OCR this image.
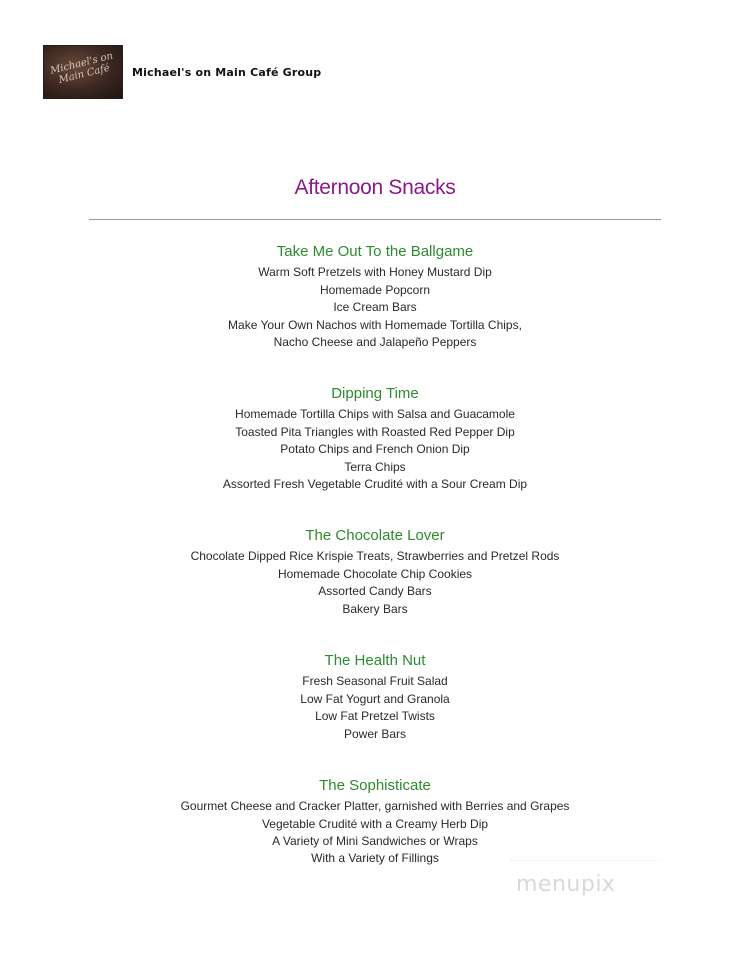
Michael's on Main Café	Michael's on Main Café Group
Afternoon Snacks
Take Me Out To the Ballgame
Warm Soft Pretzels with Honey Mustard Dip
Homemade Popcorn
Ice Cream Bars
Make Your Own Nachos with Homemade Tortilla Chips,
Nacho Cheese and Jalapeño Peppers
Dipping Time
Homemade Tortilla Chips with Salsa and Guacamole
Toasted Pita Triangles with Roasted Red Pepper Dip
Potato Chips and French Onion Dip
Terra Chips
Assorted Fresh Vegetable Crudité with a Sour Cream Dip
The Chocolate Lover
Chocolate Dipped Rice Krispie Treats, Strawberries and Pretzel Rods
Homemade Chocolate Chip Cookies
Assorted Candy Bars
Bakery Bars
The Health Nut
Fresh Seasonal Fruit Salad
Low Fat Yogurt and Granola
Low Fat Pretzel Twists
Power Bars
The Sophisticate
Gourmet Cheese and Cracker Platter, garnished with Berries and Grapes
Vegetable Crudité with a Creamy Herb Dip
A Variety of Mini Sandwiches or Wraps
With a Variety of Fillings
menupix
